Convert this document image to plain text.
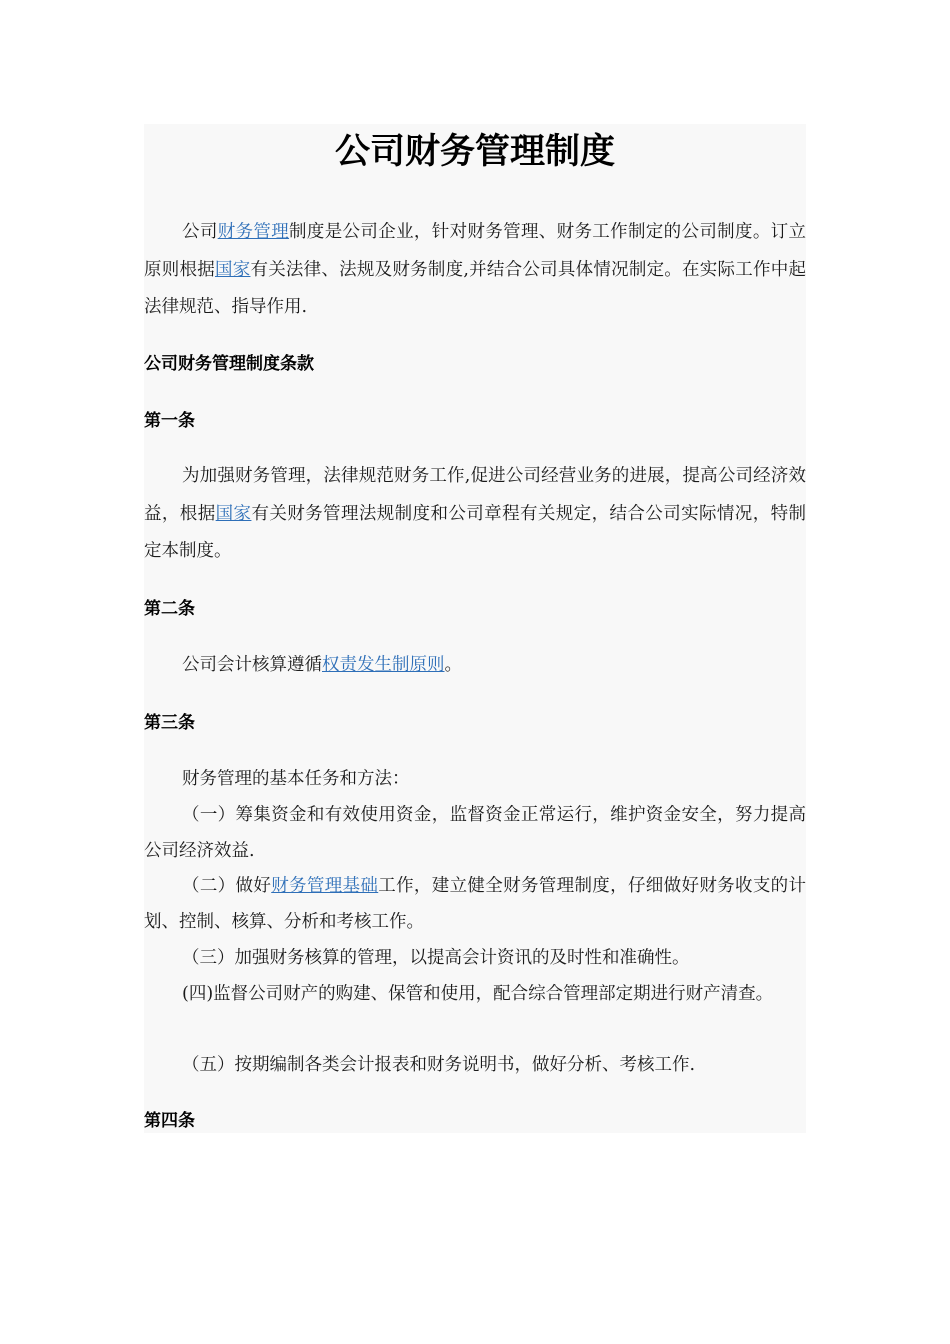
公司财务管理制度

公司财务管理制度是公司企业，针对财务管理、财务工作制定的公司制度。订立原则根据国家有关法律、法规及财务制度,并结合公司具体情况制定。在实际工作中起法律规范、指导作用.

公司财务管理制度条款
第一条

为加强财务管理，法律规范财务工作,促进公司经营业务的进展，提高公司经济效益，根据国家有关财务管理法规制度和公司章程有关规定，结合公司实际情况，特制定本制度。

第二条

公司会计核算遵循权责发生制原则。

第三条

财务管理的基本任务和方法：

（一）筹集资金和有效使用资金，监督资金正常运行，维护资金安全，努力提高公司经济效益.

（二）做好财务管理基础工作，建立健全财务管理制度，仔细做好财务收支的计划、控制、核算、分析和考核工作。

（三）加强财务核算的管理，以提高会计资讯的及时性和准确性。

(四)监督公司财产的购建、保管和使用，配合综合管理部定期进行财产清查。

（五）按期编制各类会计报表和财务说明书，做好分析、考核工作.

第四条
